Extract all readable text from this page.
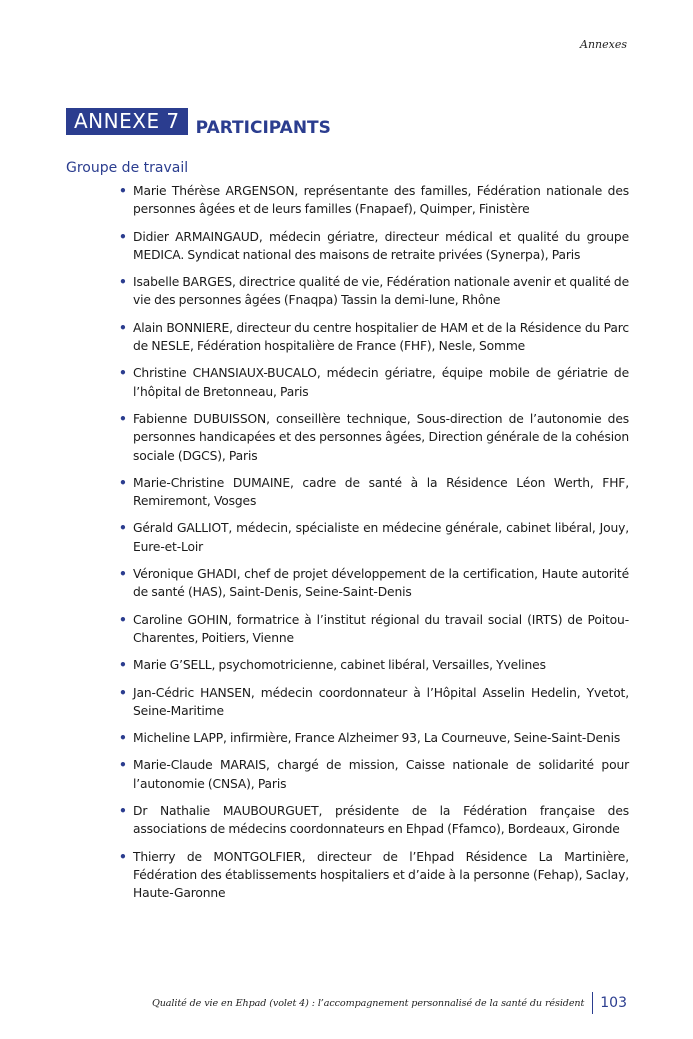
Annexes
ANNEXE 7 PARTICIPANTS
Groupe de travail
• Marie Thérèse ARGENSON, représentante des familles, Fédération nationale des personnes âgées et de leurs familles (Fnapaef), Quimper, Finistère
• Didier ARMAINGAUD, médecin gériatre, directeur médical et qualité du groupe MEDICA. Syndicat national des maisons de retraite privées (Synerpa), Paris
• Isabelle BARGES, directrice qualité de vie, Fédération nationale avenir et qualité de vie des personnes âgées (Fnaqpa) Tassin la demi-lune, Rhône
• Alain BONNIERE, directeur du centre hospitalier de HAM et de la Résidence du Parc de NESLE, Fédération hospitalière de France (FHF), Nesle, Somme
• Christine CHANSIAUX-BUCALO, médecin gériatre, équipe mobile de gériatrie de l’hôpital de Bretonneau, Paris
• Fabienne DUBUISSON, conseillère technique, Sous-direction de l’autonomie des personnes handicapées et des personnes âgées, Direction générale de la cohésion sociale (DGCS), Paris
• Marie-Christine DUMAINE, cadre de santé à la Résidence Léon Werth, FHF, Remiremont, Vosges
• Gérald GALLIOT, médecin, spécialiste en médecine générale, cabinet libéral, Jouy, Eure-et-Loir
• Véronique GHADI, chef de projet développement de la certification, Haute autorité de santé (HAS), Saint-Denis, Seine-Saint-Denis
• Caroline GOHIN, formatrice à l’institut régional du travail social (IRTS) de Poitou-Charentes, Poitiers, Vienne
• Marie G’SELL, psychomotricienne, cabinet libéral, Versailles, Yvelines
• Jan-Cédric HANSEN, médecin coordonnateur à l’Hôpital Asselin Hedelin, Yvetot, Seine-Maritime
• Micheline LAPP, infirmière, France Alzheimer 93, La Courneuve, Seine-Saint-Denis
• Marie-Claude MARAIS, chargé de mission, Caisse nationale de solidarité pour l’autonomie (CNSA), Paris
• Dr Nathalie MAUBOURGUET, présidente de la Fédération française des associations de médecins coordonnateurs en Ehpad (Ffamco), Bordeaux, Gironde
• Thierry de MONTGOLFIER, directeur de l’Ehpad Résidence La Martinière, Fédération des établissements hospitaliers et d’aide à la personne (Fehap), Saclay, Haute-Garonne
Qualité de vie en Ehpad (volet 4) : l’accompagnement personnalisé de la santé du résident	103
